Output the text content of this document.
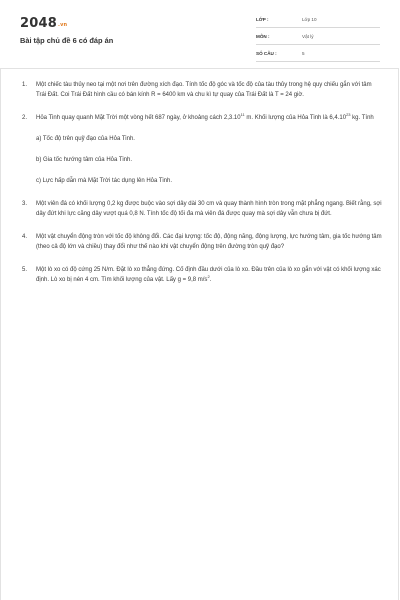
2048.vn
Bài tập chủ đề 6 có đáp án
LỚP :	Lớp 10
MÔN :	Vật lý
SỐ CÂU :	5
1. Một chiếc tàu thủy neo tại một nơi trên đường xích đạo. Tính tốc độ góc và tốc độ của tàu thủy trong hệ quy chiếu gắn với tâm Trái Đất. Coi Trái Đất hình cầu có bán kính R = 6400 km và chu kì tự quay của Trái Đất là T = 24 giờ.
2. Hỏa Tinh quay quanh Mặt Trời một vòng hết 687 ngày, ở khoảng cách 2,3.10$^{11}$ m. Khối lượng của Hỏa Tinh là 6,4.10$^{23}$ kg. Tính
a) Tốc độ trên quỹ đạo của Hỏa Tinh.
b) Gia tốc hướng tâm của Hỏa Tinh.
c) Lực hấp dẫn mà Mặt Trời tác dụng lên Hỏa Tinh.
3. Một viên đá có khối lượng 0,2 kg được buộc vào sợi dây dài 30 cm và quay thành hình tròn trong mặt phẳng ngang. Biết rằng, sợi dây đứt khi lực căng dây vượt quá 0,8 N. Tính tốc độ tối đa mà viên đá được quay mà sợi dây vẫn chưa bị đứt.
4. Một vật chuyển động tròn với tốc độ không đổi. Các đại lượng: tốc độ, động năng, động lượng, lực hướng tâm, gia tốc hướng tâm (theo cả độ lớn và chiều) thay đổi như thế nào khi vật chuyển động trên đường tròn quỹ đạo?
5. Một lò xo có độ cứng 25 N/m. Đặt lò xo thẳng đứng. Cố định đầu dưới của lò xo. Đầu trên của lò xo gắn với vật có khối lượng xác định. Lò xo bị nén 4 cm. Tìm khối lượng của vật. Lấy g = 9,8 $m/s^2$.
